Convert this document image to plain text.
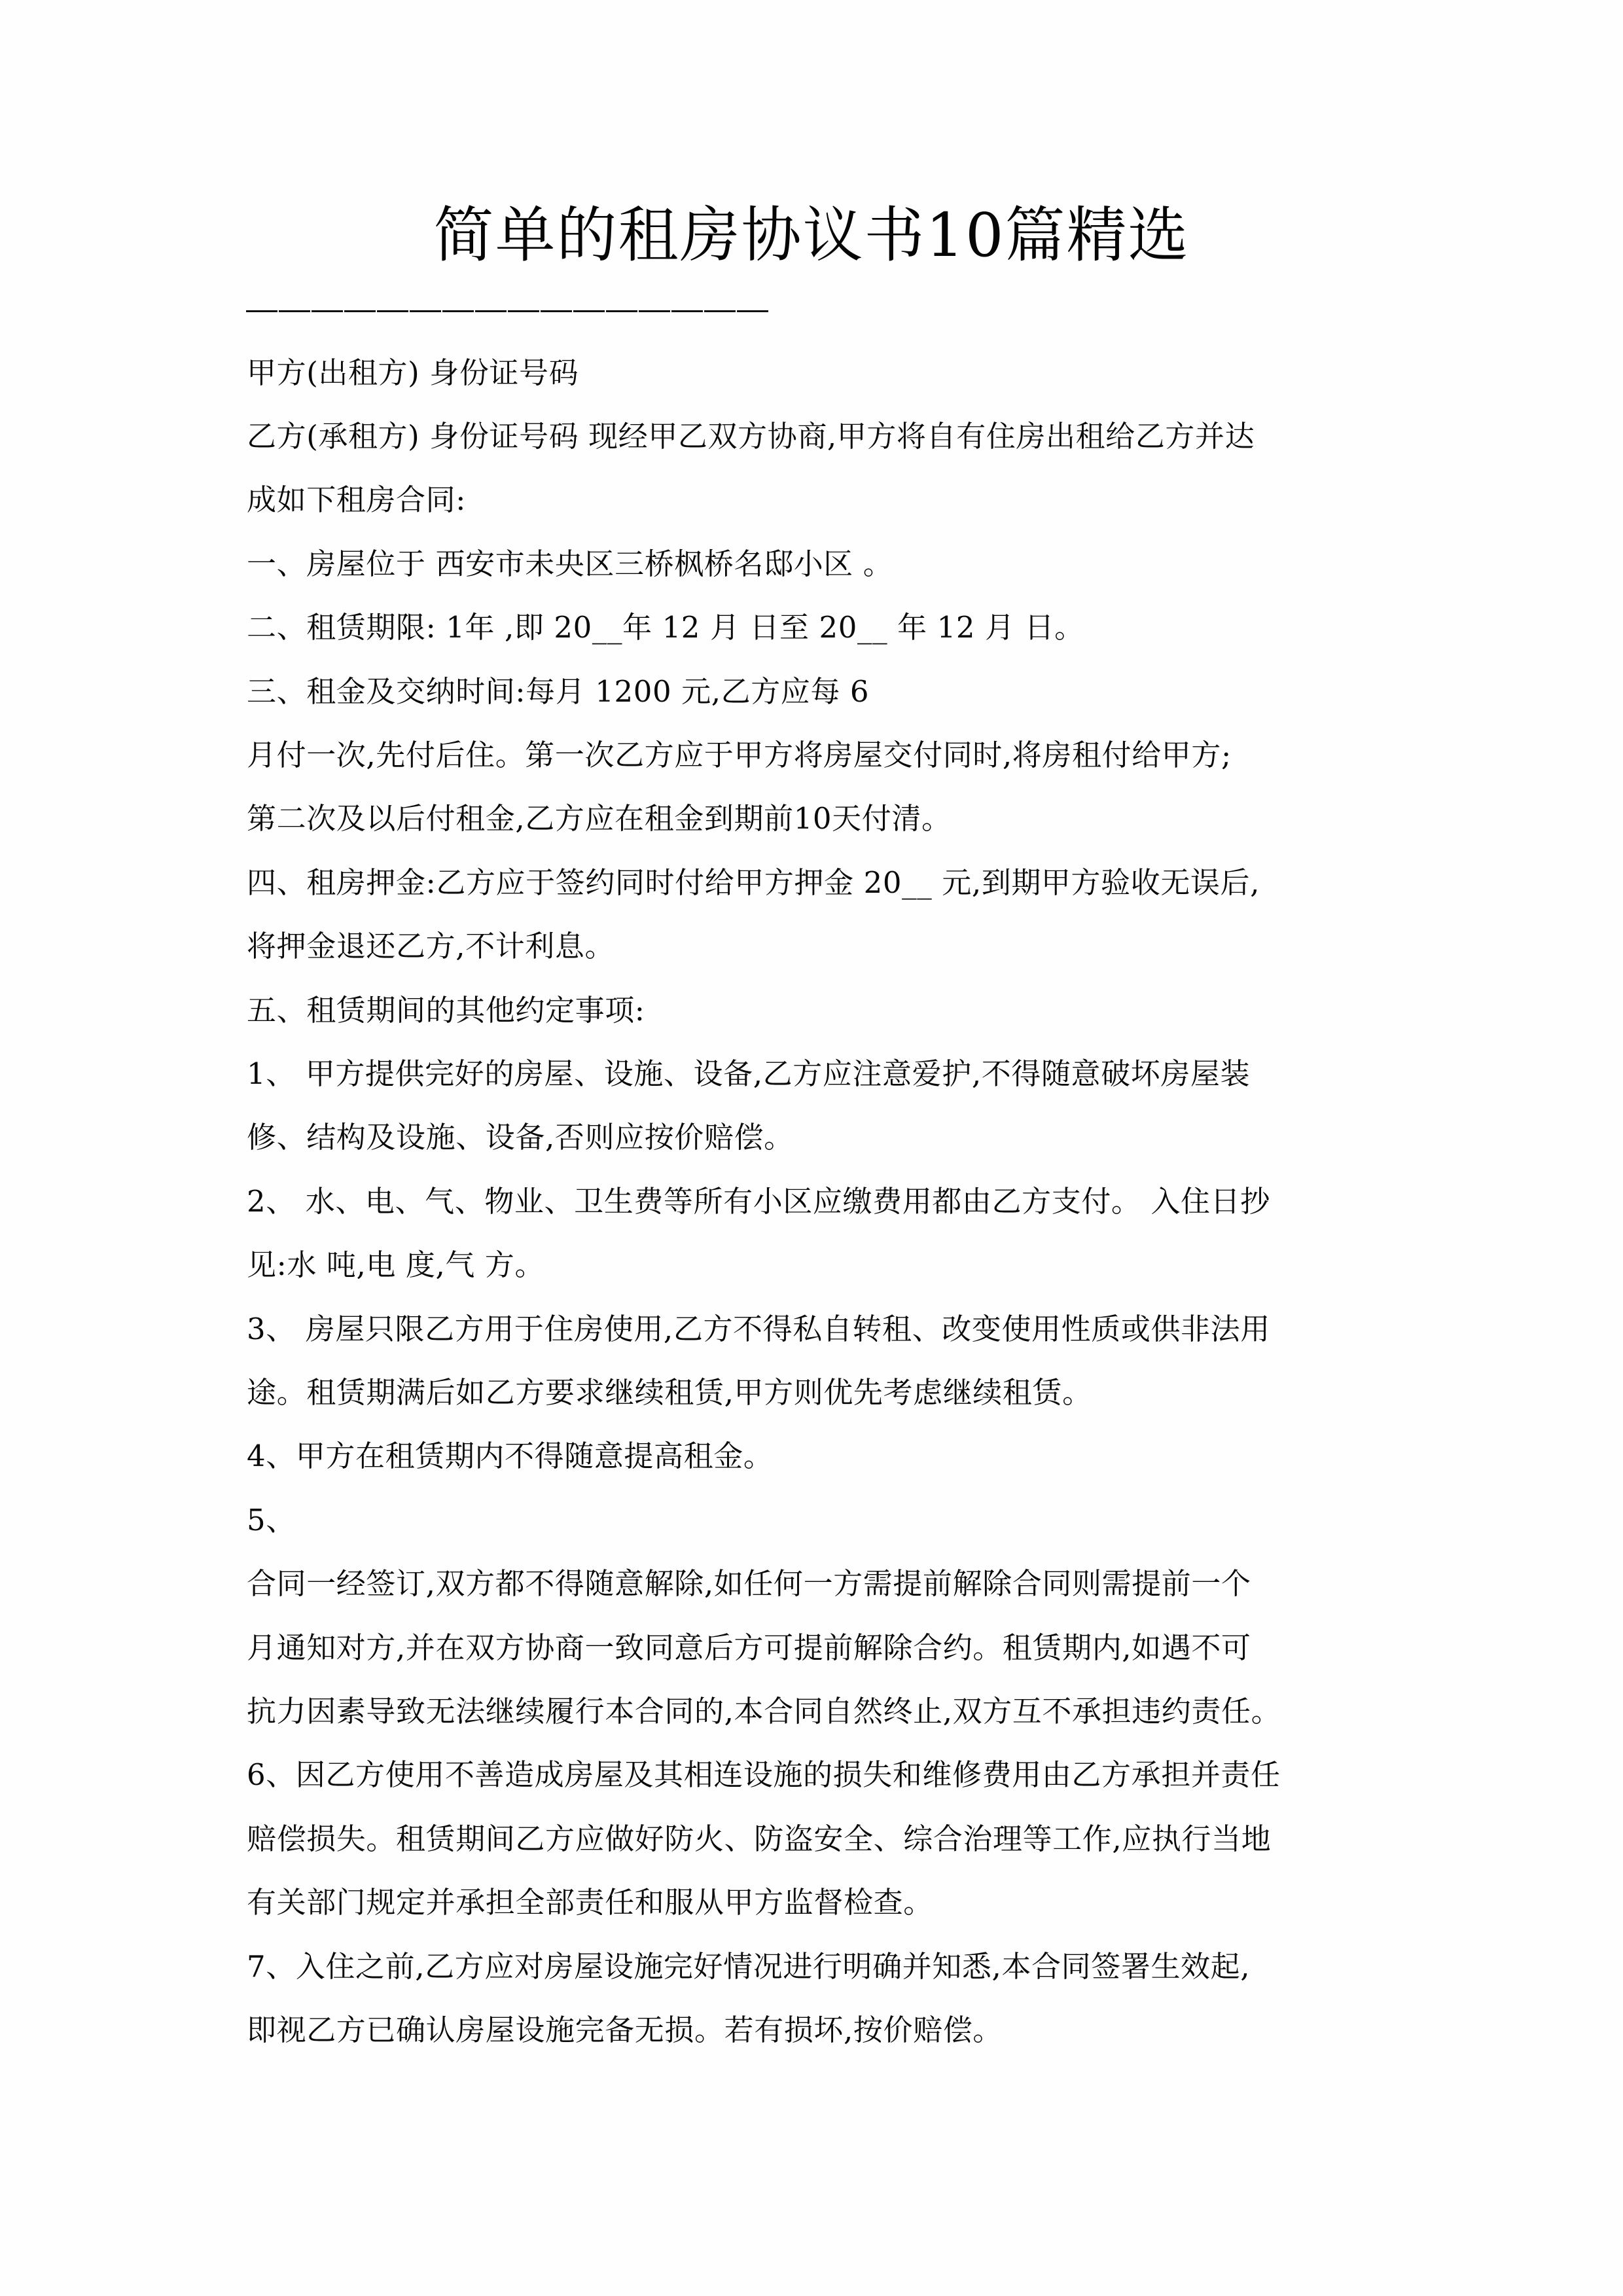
简单的租房协议书10篇精选
甲方(出租方) 身份证号码
乙方(承租方) 身份证号码 现经甲乙双方协商,甲方将自有住房出租给乙方并达
成如下租房合同:
一、房屋位于 西安市未央区三桥枫桥名邸小区 。
二、租赁期限: 1年 ,即 20__年 12 月 日至 20__ 年 12 月 日。
三、租金及交纳时间:每月 1200 元,乙方应每 6
月付一次,先付后住。第一次乙方应于甲方将房屋交付同时,将房租付给甲方;
第二次及以后付租金,乙方应在租金到期前10天付清。
四、租房押金:乙方应于签约同时付给甲方押金 20__ 元,到期甲方验收无误后,
将押金退还乙方,不计利息。
五、租赁期间的其他约定事项:
1、 甲方提供完好的房屋、设施、设备,乙方应注意爱护,不得随意破坏房屋装
修、结构及设施、设备,否则应按价赔偿。
2、 水、电、气、物业、卫生费等所有小区应缴费用都由乙方支付。 入住日抄
见:水 吨,电 度,气 方。
3、 房屋只限乙方用于住房使用,乙方不得私自转租、改变使用性质或供非法用
途。租赁期满后如乙方要求继续租赁,甲方则优先考虑继续租赁。
4、甲方在租赁期内不得随意提高租金。
5、
合同一经签订,双方都不得随意解除,如任何一方需提前解除合同则需提前一个
月通知对方,并在双方协商一致同意后方可提前解除合约。租赁期内,如遇不可
抗力因素导致无法继续履行本合同的,本合同自然终止,双方互不承担违约责任。
6、因乙方使用不善造成房屋及其相连设施的损失和维修费用由乙方承担并责任
赔偿损失。租赁期间乙方应做好防火、防盗安全、综合治理等工作,应执行当地
有关部门规定并承担全部责任和服从甲方监督检查。
7、入住之前,乙方应对房屋设施完好情况进行明确并知悉,本合同签署生效起,
即视乙方已确认房屋设施完备无损。若有损坏,按价赔偿。
